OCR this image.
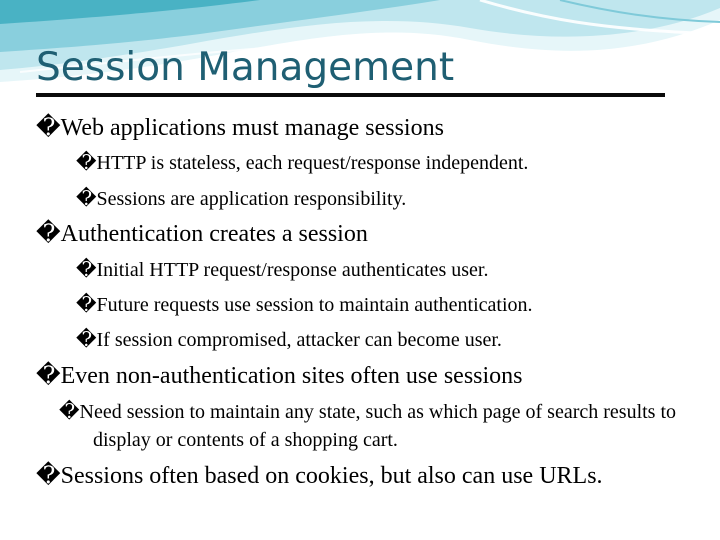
Session Management
�Web applications must manage sessions
�HTTP is stateless, each request/response independent.
�Sessions are application responsibility.
�Authentication creates a session
�Initial HTTP request/response authenticates user.
�Future requests use session to maintain authentication.
�If session compromised, attacker can become user.
�Even non-authentication sites often use sessions
�Need session to maintain any state, such as which page of search results to display or contents of a shopping cart.
�Sessions often based on cookies, but also can use URLs.
